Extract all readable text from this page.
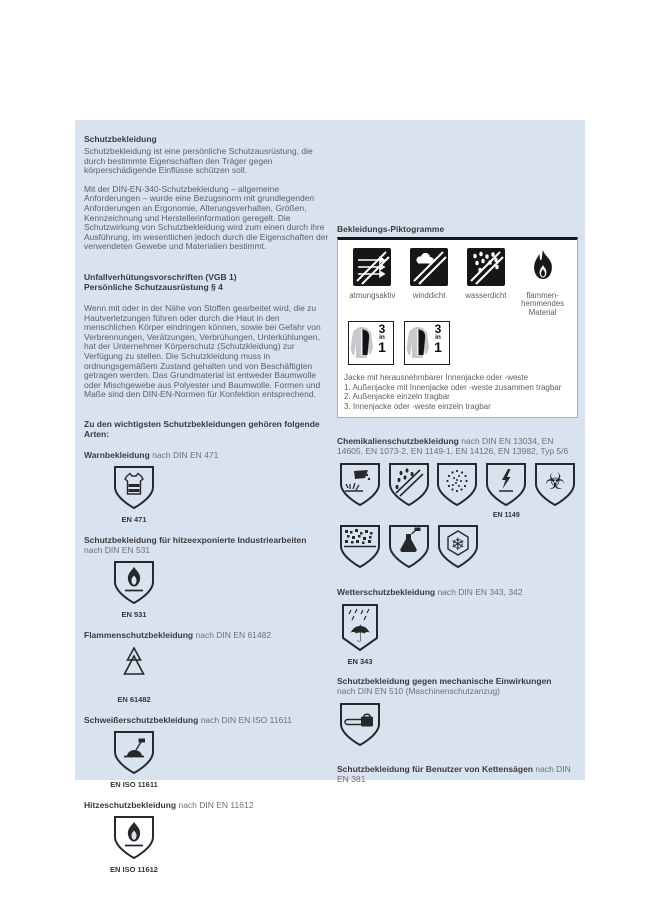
Schutzbekleidung

Schutzbekleidung ist eine persönliche Schutzausrüstung, die durch bestimmte Eigenschaften den Träger gegen körperschädigende Einflüsse schützen soll.

Mit der DIN-EN-340-Schutzbekleidung – allgemeine Anforderungen – wurde eine Bezugsnorm mit grundlegenden Anforderungen an Ergonomie, Alterungsverhalten, Größen, Kennzeichnung und Herstellerinformation geregelt. Die Schutzwirkung von Schutzbekleidung wird zum einen durch ihre Ausführung, im wesentlichen jedoch durch die Eigenschaften der verwendeten Gewebe und Materialien bestimmt.

Unfallverhütungsvorschriften (VGB 1)
Persönliche Schutzausrüstung § 4

Wenn mit oder in der Nähe von Stoffen gearbeitet wird, die zu Hautverletzungen führen oder durch die Haut in den menschlichen Körper eindringen können, sowie bei Gefahr von Verbrennungen, Verätzungen, Verbrühungen, Unterkühlungen, hat der Unternehmer Körperschutz (Schutzkleidung) zur Verfügung zu stellen. Die Schutzkleidung muss in ordnungsgemäßem Zustand gehalten und von Beschäftigten getragen werden. Das Grundmaterial ist entweder Baumwolle oder Mischgewebe aus Polyester und Baumwolle. Formen und Maße sind den DIN-EN-Normen für Konfektion entsprechend.

Zu den wichtigsten Schutzbekleidungen gehören folgende Arten:
Warnbekleidung nach DIN EN 471
EN 471
Schutzbekleidung für hitzeexponierte Industriearbeiten
nach DIN EN 531
EN 531
Flammenschutzbekleidung nach DIN EN 61482
EN 61482
Schweißerschutzbekleidung nach DIN EN ISO 11611
EN ISO 11611
Hitzeschutzbekleidung nach DIN EN 11612
EN ISO 11612
Bekleidungs-Piktogramme
atmungsaktiv	winddicht	wasserdicht	flammen-hemmendes Material
3
in
1
3
in
1

Jacke mit herausnehmbarer Innenjacke oder -weste

1. Außenjacke mit Innenjacke oder -weste zusammen tragbar

2. Außenjacke einzeln tragbar

3. Innenjacke oder -weste einzeln tragbar

Chemikalienschutzbekleidung nach DIN EN 13034, EN 14605, EN 1073-2, EN 1149-1, EN 14126, EN 13982, Typ 5/6
EN 1149
☣
❄
Wetterschutzbekleidung nach DIN EN 343, 342
☂
EN 343
Schutzbekleidung gegen mechanische Einwirkungen
nach DIN EN 510 (Maschinenschutzanzug)
Schutzbekleidung für Benutzer von Kettensägen nach DIN EN 381
